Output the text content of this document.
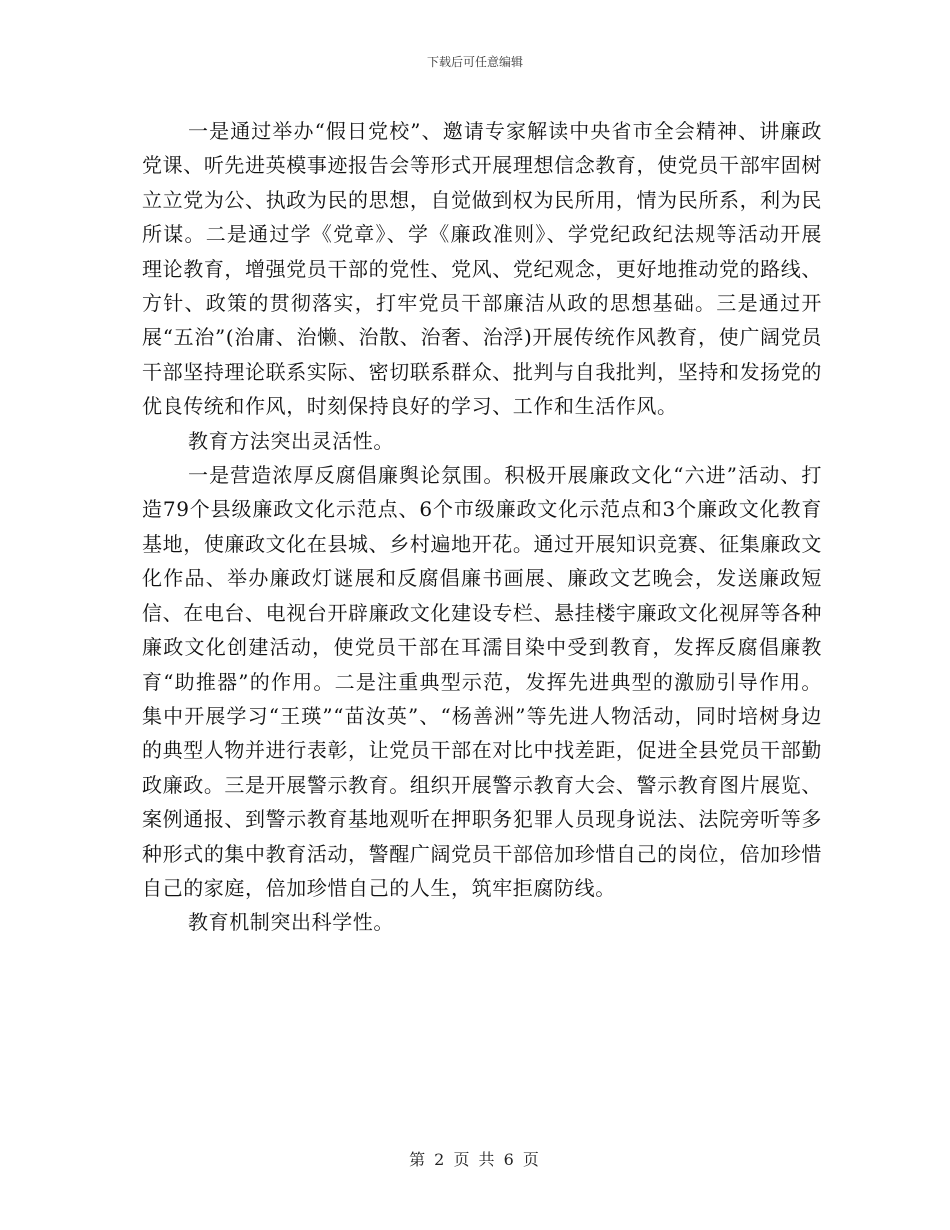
下载后可任意编辑

一是通过举办“假日党校”、邀请专家解读中央省市全会精神、讲廉政党课、听先进英模事迹报告会等形式开展理想信念教育，使党员干部牢固树立立党为公、执政为民的思想，自觉做到权为民所用，情为民所系，利为民所谋。二是通过学《党章》、学《廉政准则》、学党纪政纪法规等活动开展理论教育，增强党员干部的党性、党风、党纪观念，更好地推动党的路线、方针、政策的贯彻落实，打牢党员干部廉洁从政的思想基础。三是通过开展“五治”(治庸、治懒、治散、治奢、治浮)开展传统作风教育，使广阔党员干部坚持理论联系实际、密切联系群众、批判与自我批判，坚持和发扬党的优良传统和作风，时刻保持良好的学习、工作和生活作风。

教育方法突出灵活性。

一是营造浓厚反腐倡廉舆论氛围。积极开展廉政文化“六进”活动、打造79个县级廉政文化示范点、6个市级廉政文化示范点和3个廉政文化教育基地，使廉政文化在县城、乡村遍地开花。通过开展知识竞赛、征集廉政文化作品、举办廉政灯谜展和反腐倡廉书画展、廉政文艺晚会，发送廉政短信、在电台、电视台开辟廉政文化建设专栏、悬挂楼宇廉政文化视屏等各种廉政文化创建活动，使党员干部在耳濡目染中受到教育，发挥反腐倡廉教育“助推器”的作用。二是注重典型示范，发挥先进典型的激励引导作用。集中开展学习“王瑛”“苗汝英”、“杨善洲”等先进人物活动，同时培树身边的典型人物并进行表彰，让党员干部在对比中找差距，促进全县党员干部勤政廉政。三是开展警示教育。组织开展警示教育大会、警示教育图片展览、案例通报、到警示教育基地观听在押职务犯罪人员现身说法、法院旁听等多种形式的集中教育活动，警醒广阔党员干部倍加珍惜自己的岗位，倍加珍惜自己的家庭，倍加珍惜自己的人生，筑牢拒腐防线。

教育机制突出科学性。

第 2 页 共 6 页
